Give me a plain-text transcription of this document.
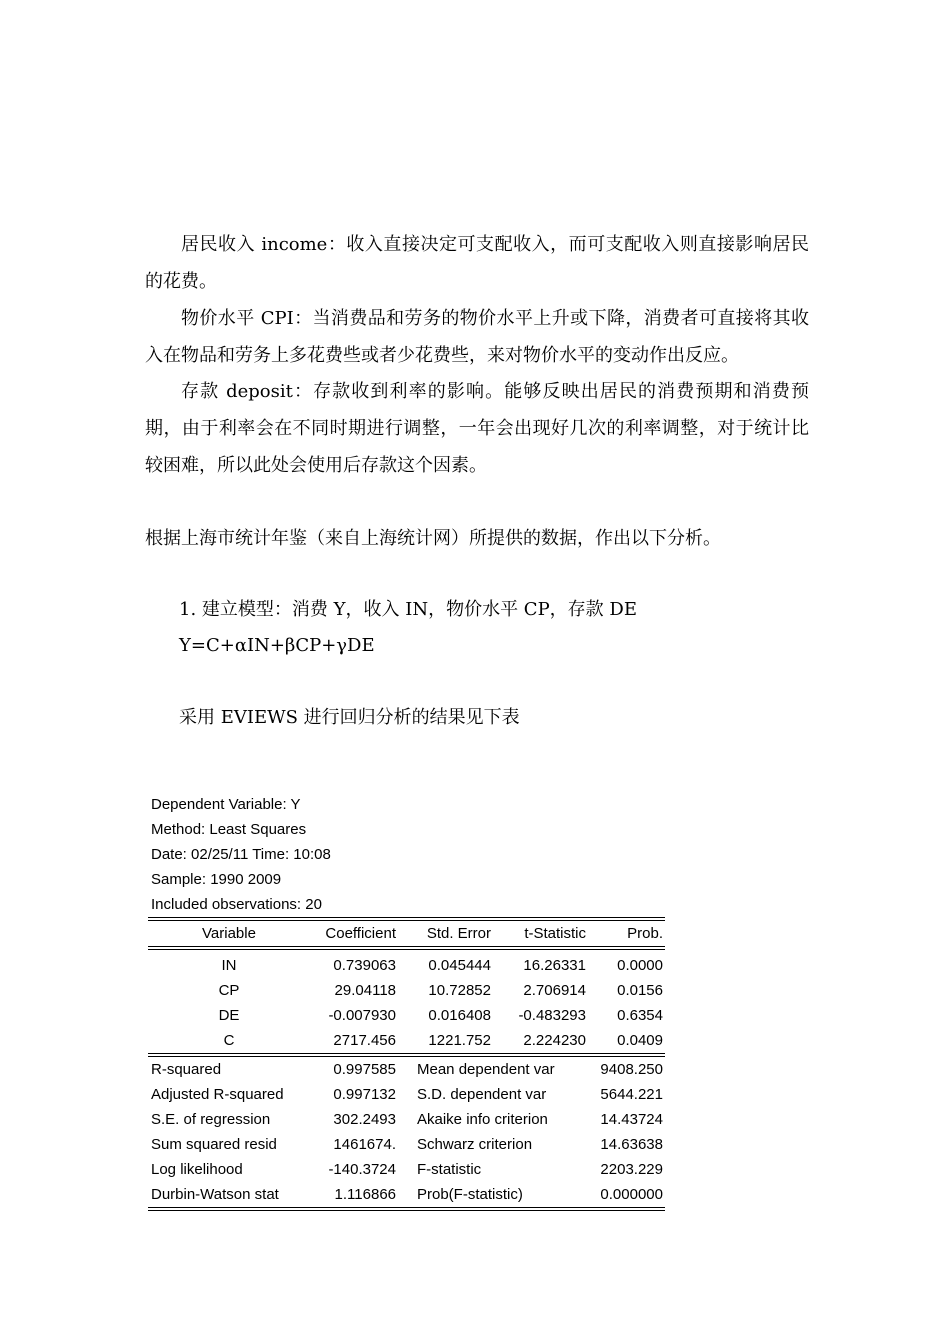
居民收入 income：收入直接决定可支配收入，而可支配收入则直接影响居民的花费。

物价水平 CPI：当消费品和劳务的物价水平上升或下降，消费者可直接将其收入在物品和劳务上多花费些或者少花费些，来对物价水平的变动作出反应。

存款 deposit：存款收到利率的影响。能够反映出居民的消费预期和消费预期，由于利率会在不同时期进行调整，一年会出现好几次的利率调整，对于统计比较困难，所以此处会使用后存款这个因素。

根据上海市统计年鉴（来自上海统计网）所提供的数据，作出以下分析。

1. 建立模型：消费 Y，收入 IN，物价水平 CP，存款 DE
Y=C+αIN+βCP+γDE
采用 EVIEWS 进行回归分析的结果见下表
Dependent Variable: Y
Method: Least Squares
Date: 02/25/11 Time: 10:08
Sample: 1990 2009
Included observations: 20
Variable	Coefficient	Std. Error	t-Statistic	Prob.
IN	0.739063	0.045444	16.26331	0.0000
CP	29.04118	10.72852	2.706914	0.0156
DE	-0.007930	0.016408	-0.483293	0.6354
C	2717.456	1221.752	2.224230	0.0409
R-squared	0.997585	Mean dependent var	9408.250
Adjusted R-squared	0.997132	S.D. dependent var	5644.221
S.E. of regression	302.2493	Akaike info criterion	14.43724
Sum squared resid	1461674.	Schwarz criterion	14.63638
Log likelihood	-140.3724	F-statistic	2203.229
Durbin-Watson stat	1.116866	Prob(F-statistic)	0.000000
